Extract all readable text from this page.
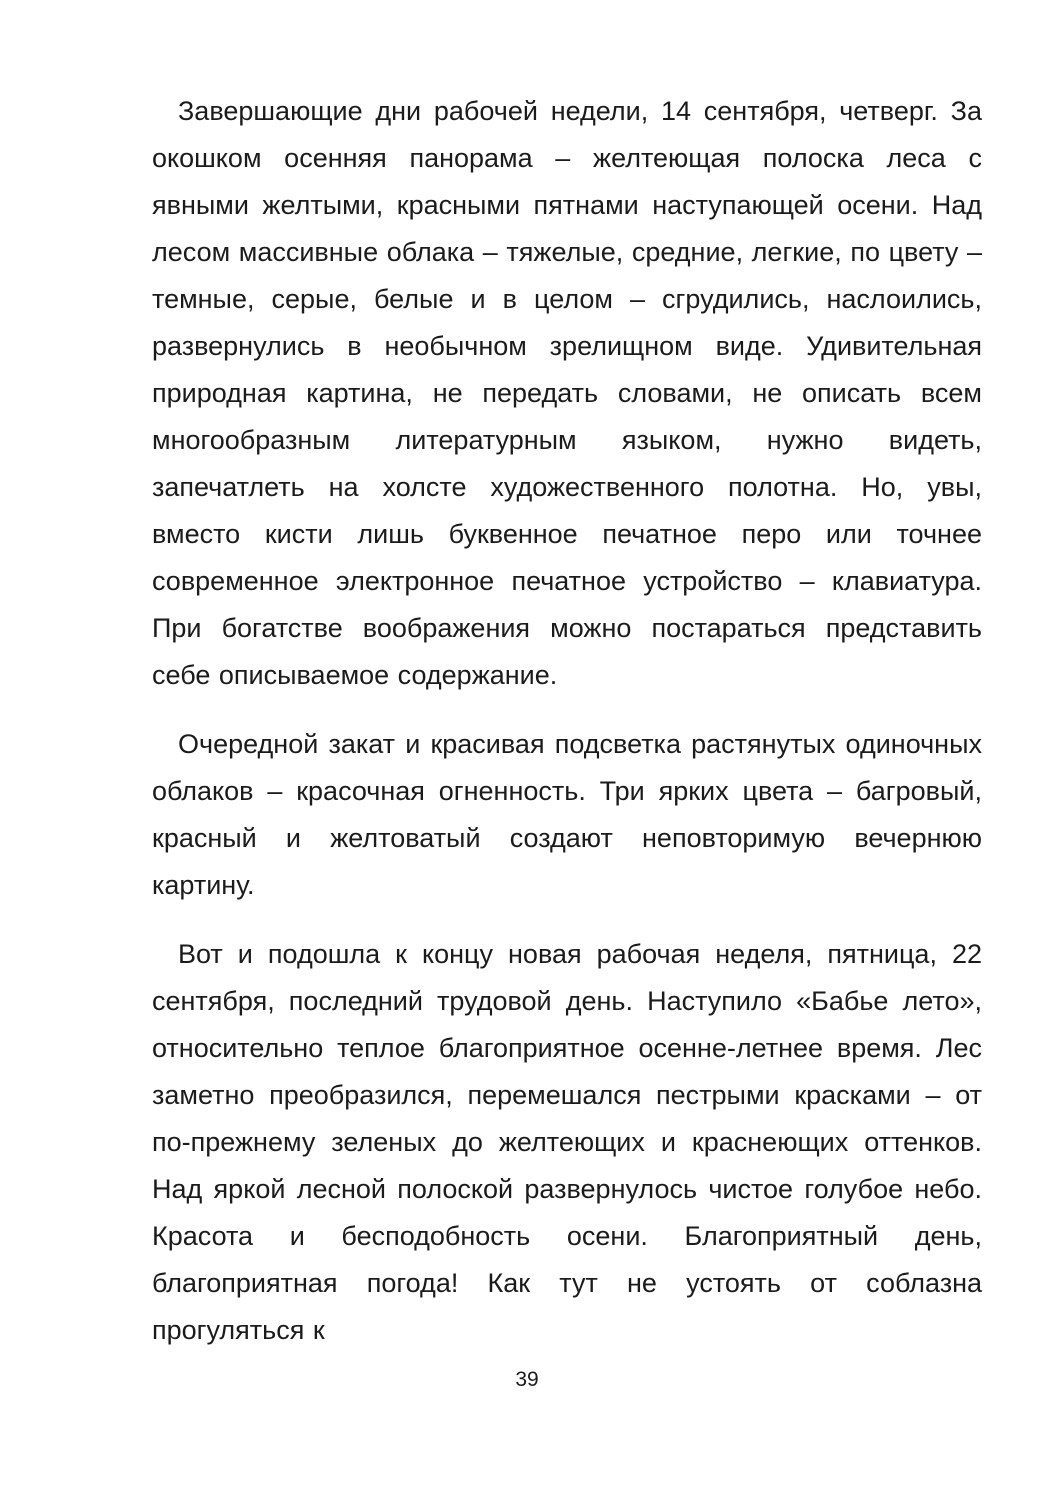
Завершающие дни рабочей недели, 14 сентября, четверг. За окошком осенняя панорама – желтеющая полоска леса с явными желтыми, красными пятнами наступающей осени. Над лесом массивные облака – тяжелые, средние, легкие, по цвету – темные, серые, белые и в целом – сгрудились, наслоились, развернулись в необычном зрелищном виде. Удивительная природная картина, не передать словами, не описать всем многообразным литературным языком, нужно видеть, запечатлеть на холсте художественного полотна. Но, увы, вместо кисти лишь буквенное печатное перо или точнее современное электронное печатное устройство – клавиатура. При богатстве воображения можно постараться представить себе описываемое содержание.

Очередной закат и красивая подсветка растянутых одиночных облаков – красочная огненность. Три ярких цвета – багровый, красный и желтоватый создают неповторимую вечернюю картину.

Вот и подошла к концу новая рабочая неделя, пятница, 22 сентября, последний трудовой день. Наступило «Бабье лето», относительно теплое благоприятное осенне-летнее время. Лес заметно преобразился, перемешался пестрыми красками – от по-прежнему зеленых до желтеющих и краснеющих оттенков. Над яркой лесной полоской развернулось чистое голубое небо. Красота и бесподобность осени. Благоприятный день, благоприятная погода! Как тут не устоять от соблазна прогуляться к

39
